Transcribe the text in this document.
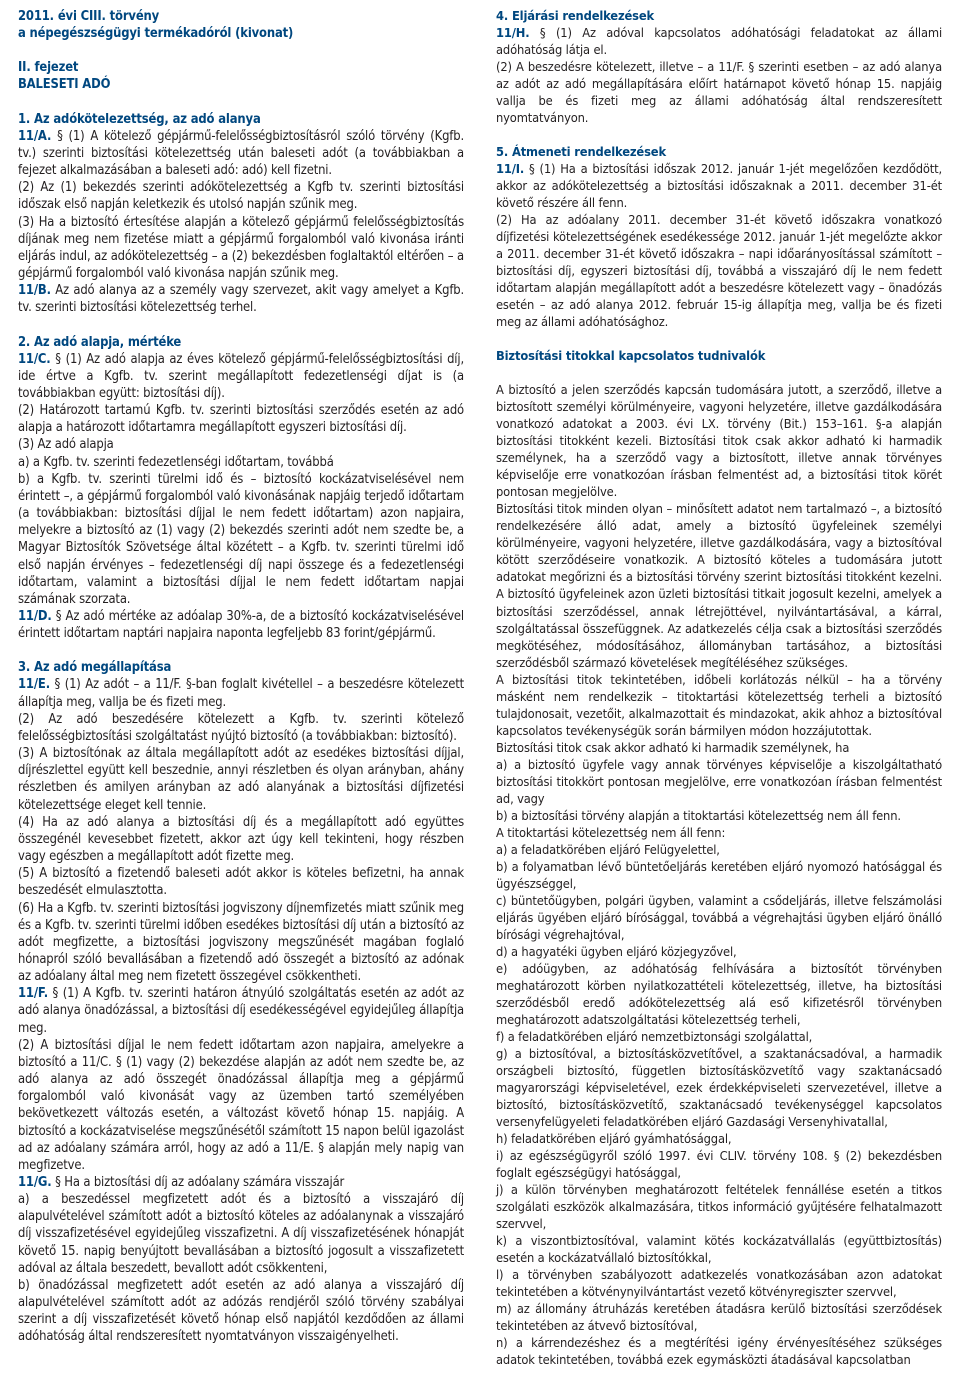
2011. évi CIII. törvény
a népegészségügyi termékadóról (kivonat)
II. fejezet
BALESETI ADÓ
1. Az adókötelezettség, az adó alanya

11/A. § (1) A kötelező gépjármű-felelősségbiztosításról szóló törvény (Kgfb. tv.) szerinti biztosítási kötelezettség után baleseti adót (a továbbiakban a fejezet alkalmazásában a baleseti adó: adó) kell fizetni.

(2) Az (1) bekezdés szerinti adókötelezettség a Kgfb tv. szerinti biztosítási időszak első napján keletkezik és utolsó napján szűnik meg.

(3) Ha a biztosító értesítése alapján a kötelező gépjármű felelősségbiztosítás díjának meg nem fizetése miatt a gépjármű forgalomból való kivonása iránti eljárás indul, az adókötelezettség – a (2) bekezdésben foglaltaktól eltérően – a gépjármű forgalomból való kivonása napján szűnik meg.

11/B. Az adó alanya az a személy vagy szervezet, akit vagy amelyet a Kgfb. tv. szerinti biztosítási kötelezettség terhel.

2. Az adó alapja, mértéke

11/C. § (1) Az adó alapja az éves kötelező gépjármű-felelősségbiztosítási díj, ide értve a Kgfb. tv. szerint megállapított fedezetlenségi díjat is (a továbbiakban együtt: biztosítási díj).

(2) Határozott tartamú Kgfb. tv. szerinti biztosítási szerződés esetén az adó alapja a határozott időtartamra megállapított egyszeri biztosítási díj.

(3) Az adó alapja

a) a Kgfb. tv. szerinti fedezetlenségi időtartam, továbbá

b) a Kgfb. tv. szerinti türelmi idő és – biztosító kockázatviselésével nem érintett –, a gépjármű forgalomból való kivonásának napjáig terjedő időtartam (a továbbiakban: biztosítási díjjal le nem fedett időtartam) azon napjaira, melyekre a biztosító az (1) vagy (2) bekezdés szerinti adót nem szedte be, a Magyar Biztosítók Szövetsége által közétett – a Kgfb. tv. szerinti türelmi idő első napján érvényes – fedezetlenségi díj napi összege és a fedezetlenségi időtartam, valamint a biztosítási díjjal le nem fedett időtartam napjai számának szorzata.

11/D. § Az adó mértéke az adóalap 30%-a, de a biztosító kockázatviselésével érintett időtartam naptári napjaira naponta legfeljebb 83 forint/gépjármű.

3. Az adó megállapítása

11/E. § (1) Az adót – a 11/F. §-ban foglalt kivétellel – a beszedésre kötelezett állapítja meg, vallja be és fizeti meg.

(2) Az adó beszedésére kötelezett a Kgfb. tv. szerinti kötelező felelősségbiztosítási szolgáltatást nyújtó biztosító (a továbbiakban: biztosító).

(3) A biztosítónak az általa megállapított adót az esedékes biztosítási díjjal, díjrészlettel együtt kell beszednie, annyi részletben és olyan arányban, ahány részletben és amilyen arányban az adó alanyának a biztosítási díjfizetési kötelezettsége eleget kell tennie.

(4) Ha az adó alanya a biztosítási díj és a megállapított adó együttes összegénél kevesebbet fizetett, akkor azt úgy kell tekinteni, hogy részben vagy egészben a megállapított adót fizette meg.

(5) A biztosító a fizetendő baleseti adót akkor is köteles befizetni, ha annak beszedését elmulasztotta.

(6) Ha a Kgfb. tv. szerinti biztosítási jogviszony díjnemfizetés miatt szűnik meg és a Kgfb. tv. szerinti türelmi időben esedékes biztosítási díj után a biztosító az adót megfizette, a biztosítási jogviszony megszűnését magában foglaló hónapról szóló bevallásában a fizetendő adó összegét a biztosító az adónak az adóalany által meg nem fizetett összegével csökkentheti.

11/F. § (1) A Kgfb. tv. szerinti határon átnyúló szolgáltatás esetén az adót az adó alanya önadózással, a biztosítási díj esedékességével egyidejűleg állapítja meg.

(2) A biztosítási díjjal le nem fedett időtartam azon napjaira, amelyekre a biztosító a 11/C. § (1) vagy (2) bekezdése alapján az adót nem szedte be, az adó alanya az adó összegét önadózással állapítja meg a gépjármű forgalomból való kivonását vagy az üzemben tartó személyében bekövetkezett változás esetén, a változást követő hónap 15. napjáig. A biztosító a kockázatviselése megszűnésétől számított 15 napon belül igazolást ad az adóalany számára arról, hogy az adó a 11/E. § alapján mely napig van megfizetve.

11/G. § Ha a biztosítási díj az adóalany számára visszajár

a) a beszedéssel megfizetett adót és a biztosító a visszajáró díj alapulvételével számított adót a biztosító köteles az adóalanynak a visszajáró díj visszafizetésével egyidejűleg visszafizetni. A díj visszafizetésének hónapját követő 15. napig benyújtott bevallásában a biztosító jogosult a visszafizetett adóval az általa beszedett, bevallott adót csökkenteni,

b) önadózással megfizetett adót esetén az adó alanya a visszajáró díj alapulvételével számított adót az adózás rendjéről szóló törvény szabályai szerint a díj visszafizetését követő hónap első napjától kezdődően az állami adóhatóság által rendszeresített nyomtatványon visszaigényelheti.

4. Eljárási rendelkezések

11/H. § (1) Az adóval kapcsolatos adóhatósági feladatokat az állami adóhatóság látja el.

(2) A beszedésre kötelezett, illetve – a 11/F. § szerinti esetben – az adó alanya az adót az adó megállapítására előírt határnapot követő hónap 15. napjáig vallja be és fizeti meg az állami adóhatóság által rendszeresített nyomtatványon.

5. Átmeneti rendelkezések

11/I. § (1) Ha a biztosítási időszak 2012. január 1-jét megelőzően kezdődött, akkor az adókötelezettség a biztosítási időszaknak a 2011. december 31-ét követő részére áll fenn.

(2) Ha az adóalany 2011. december 31-ét követő időszakra vonatkozó díjfizetési kötelezettségének esedékessége 2012. január 1-jét megelőzte akkor a 2011. december 31-ét követő időszakra – napi időarányosítással számított – biztosítási díj, egyszeri biztosítási díj, továbbá a visszajáró díj le nem fedett időtartam alapján megállapított adót a beszedésre kötelezett vagy – önadózás esetén – az adó alanya 2012. február 15-ig állapítja meg, vallja be és fizeti meg az állami adóhatósághoz.

Biztosítási titokkal kapcsolatos tudnivalók

A biztosító a jelen szerződés kapcsán tudomására jutott, a szerződő, illetve a biztosított személyi körülményeire, vagyoni helyzetére, illetve gazdálkodására vonatkozó adatokat a 2003. évi LX. törvény (Bit.) 153–161. §-a alapján biztosítási titokként kezeli. Biztosítási titok csak akkor adható ki harmadik személynek, ha a szerződő vagy a biztosított, illetve annak törvényes képviselője erre vonatkozóan írásban felmentést ad, a biztosítási titok körét pontosan megjelölve.

Biztosítási titok minden olyan – minősített adatot nem tartalmazó –, a biztosító rendelkezésére álló adat, amely a biztosító ügyfeleinek személyi körülményeire, vagyoni helyzetére, illetve gazdálkodására, vagy a biztosítóval kötött szerződéseire vonatkozik. A biztosító köteles a tudomására jutott adatokat megőrizni és a biztosítási törvény szerint biztosítási titokként kezelni. A biztosító ügyfeleinek azon üzleti biztosítási titkait jogosult kezelni, amelyek a biztosítási szerződéssel, annak létrejöttével, nyilvántartásával, a kárral, szolgáltatással összefüggnek. Az adatkezelés célja csak a biztosítási szerződés megkötéséhez, módosításához, állományban tartásához, a biztosítási szerződésből származó követelések megítéléséhez szükséges.

A biztosítási titok tekintetében, időbeli korlátozás nélkül – ha a törvény másként nem rendelkezik – titoktartási kötelezettség terheli a biztosító tulajdonosait, vezetőit, alkalmazottait és mindazokat, akik ahhoz a biztosítóval kapcsolatos tevékenységük során bármilyen módon hozzájutottak.

Biztosítási titok csak akkor adható ki harmadik személynek, ha

a) a biztosító ügyfele vagy annak törvényes képviselője a kiszolgáltatható biztosítási titokkört pontosan megjelölve, erre vonatkozóan írásban felmentést ad, vagy

b) a biztosítási törvény alapján a titoktartási kötelezettség nem áll fenn.

A titoktartási kötelezettség nem áll fenn:

a) a feladatkörében eljáró Felügyelettel,

b) a folyamatban lévő büntetőeljárás keretében eljáró nyomozó hatósággal és ügyészséggel,

c) büntetőügyben, polgári ügyben, valamint a csődeljárás, illetve felszámolási eljárás ügyében eljáró bírósággal, továbbá a végrehajtási ügyben eljáró önálló bírósági végrehajtóval,

d) a hagyatéki ügyben eljáró közjegyzővel,

e) adóügyben, az adóhatóság felhívására a biztosítót törvényben meghatározott körben nyilatkozattételi kötelezettség, illetve, ha biztosítási szerződésből eredő adókötelezettség alá eső kifizetésről törvényben meghatározott adatszolgáltatási kötelezettség terheli,

f) a feladatkörében eljáró nemzetbiztonsági szolgálattal,

g) a biztosítóval, a biztosításközvetítővel, a szaktanácsadóval, a harmadik országbeli biztosító, független biztosításközvetítő vagy szaktanácsadó magyarországi képviseletével, ezek érdekképviseleti szervezetével, illetve a biztosító, biztosításközvetítő, szaktanácsadó tevékenységgel kapcsolatos versenyfelügyeleti feladatkörében eljáró Gazdasági Versenyhivatallal,

h) feladatkörében eljáró gyámhatósággal,

i) az egészségügyről szóló 1997. évi CLIV. törvény 108. § (2) bekezdésben foglalt egészségügyi hatósággal,

j) a külön törvényben meghatározott feltételek fennállése esetén a titkos szolgálati eszközök alkalmazására, titkos információ gyűjtésére felhatalmazott szervvel,

k) a viszontbiztosítóval, valamint kötés kockázatvállalás (együttbiztosítás) esetén a kockázatvállaló biztosítókkal,

l) a törvényben szabályozott adatkezelés vonatkozásában azon adatokat tekintetében a kötvénynyilvántartást vezető kötvényregiszter szervvel,

m) az állomány átruházás keretében átadásra kerülő biztosítási szerződések tekintetében az átvevő biztosítóval,

n) a kárrendezéshez és a megtérítési igény érvényesítéséhez szükséges adatok tekintetében, továbbá ezek egymásközti átadásával kapcsolatban
